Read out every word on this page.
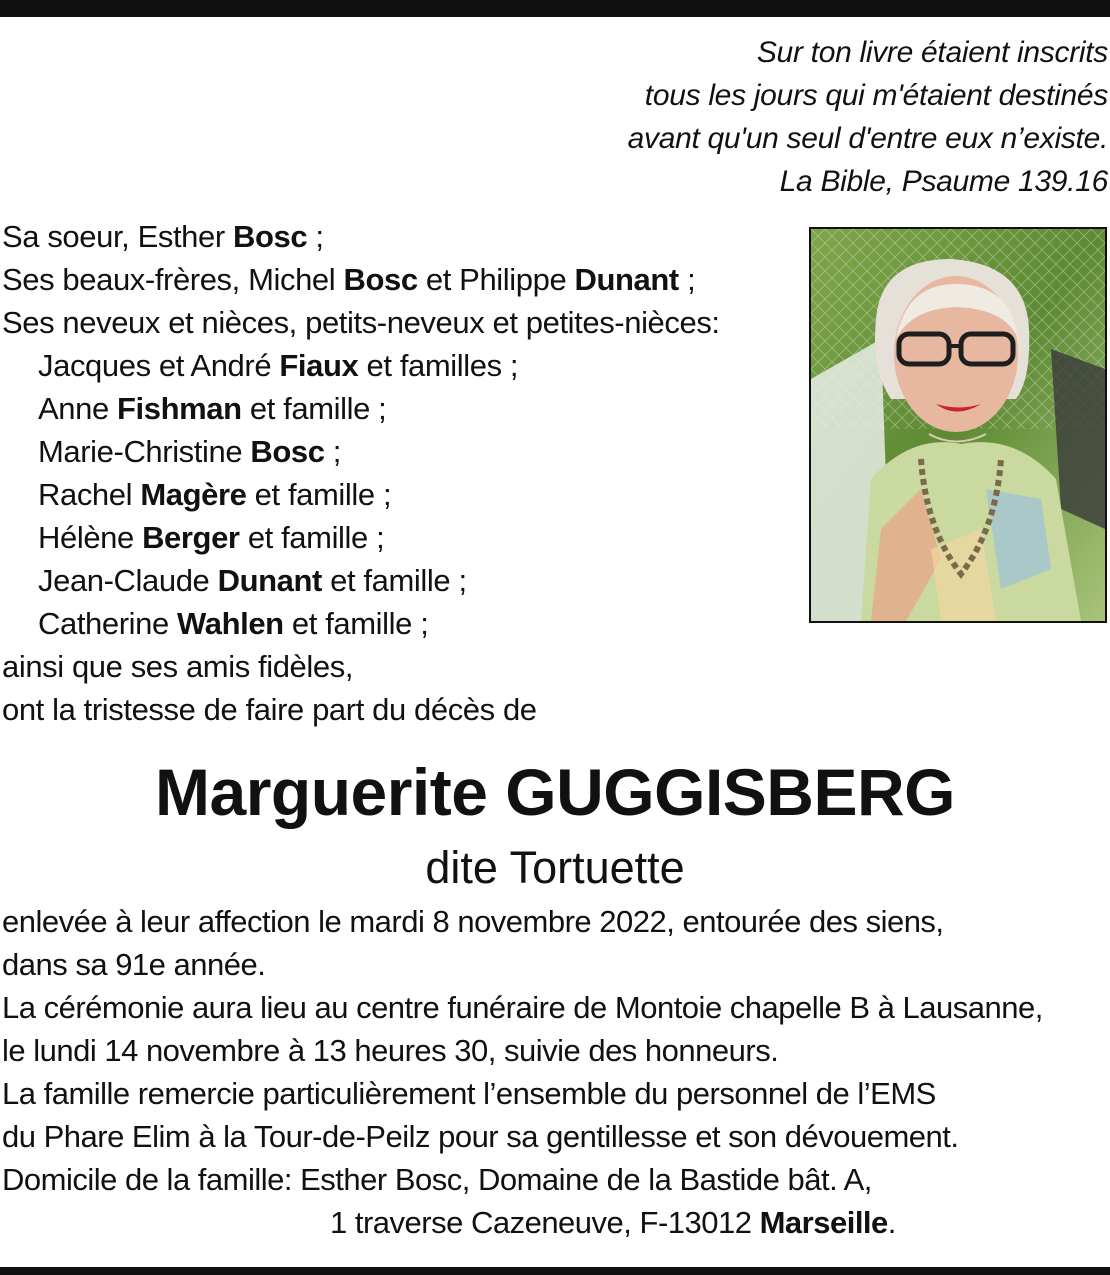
Sur ton livre étaient inscrits
tous les jours qui m'étaient destinés
avant qu'un seul d'entre eux n’existe.
La Bible, Psaume 139.16
Sa soeur, Esther Bosc ;
Ses beaux-frères, Michel Bosc et Philippe Dunant ;
Ses neveux et nièces, petits-neveux et petites-nièces:
Jacques et André Fiaux et familles ;
Anne Fishman et famille ;
Marie-Christine Bosc ;
Rachel Magère et famille ;
Hélène Berger et famille ;
Jean-Claude Dunant et famille ;
Catherine Wahlen et famille ;
ainsi que ses amis fidèles,
ont la tristesse de faire part du décès de
Marguerite GUGGISBERG
dite Tortuette
enlevée à leur affection le mardi 8 novembre 2022, entourée des siens,
dans sa 91e année.
La cérémonie aura lieu au centre funéraire de Montoie chapelle B à Lausanne,
le lundi 14 novembre à 13 heures 30, suivie des honneurs.
La famille remercie particulièrement l’ensemble du personnel de l’EMS
du Phare Elim à la Tour-de-Peilz pour sa gentillesse et son dévouement.
Domicile de la famille: Esther Bosc, Domaine de la Bastide bât. A,
1 traverse Cazeneuve, F-13012 Marseille.
